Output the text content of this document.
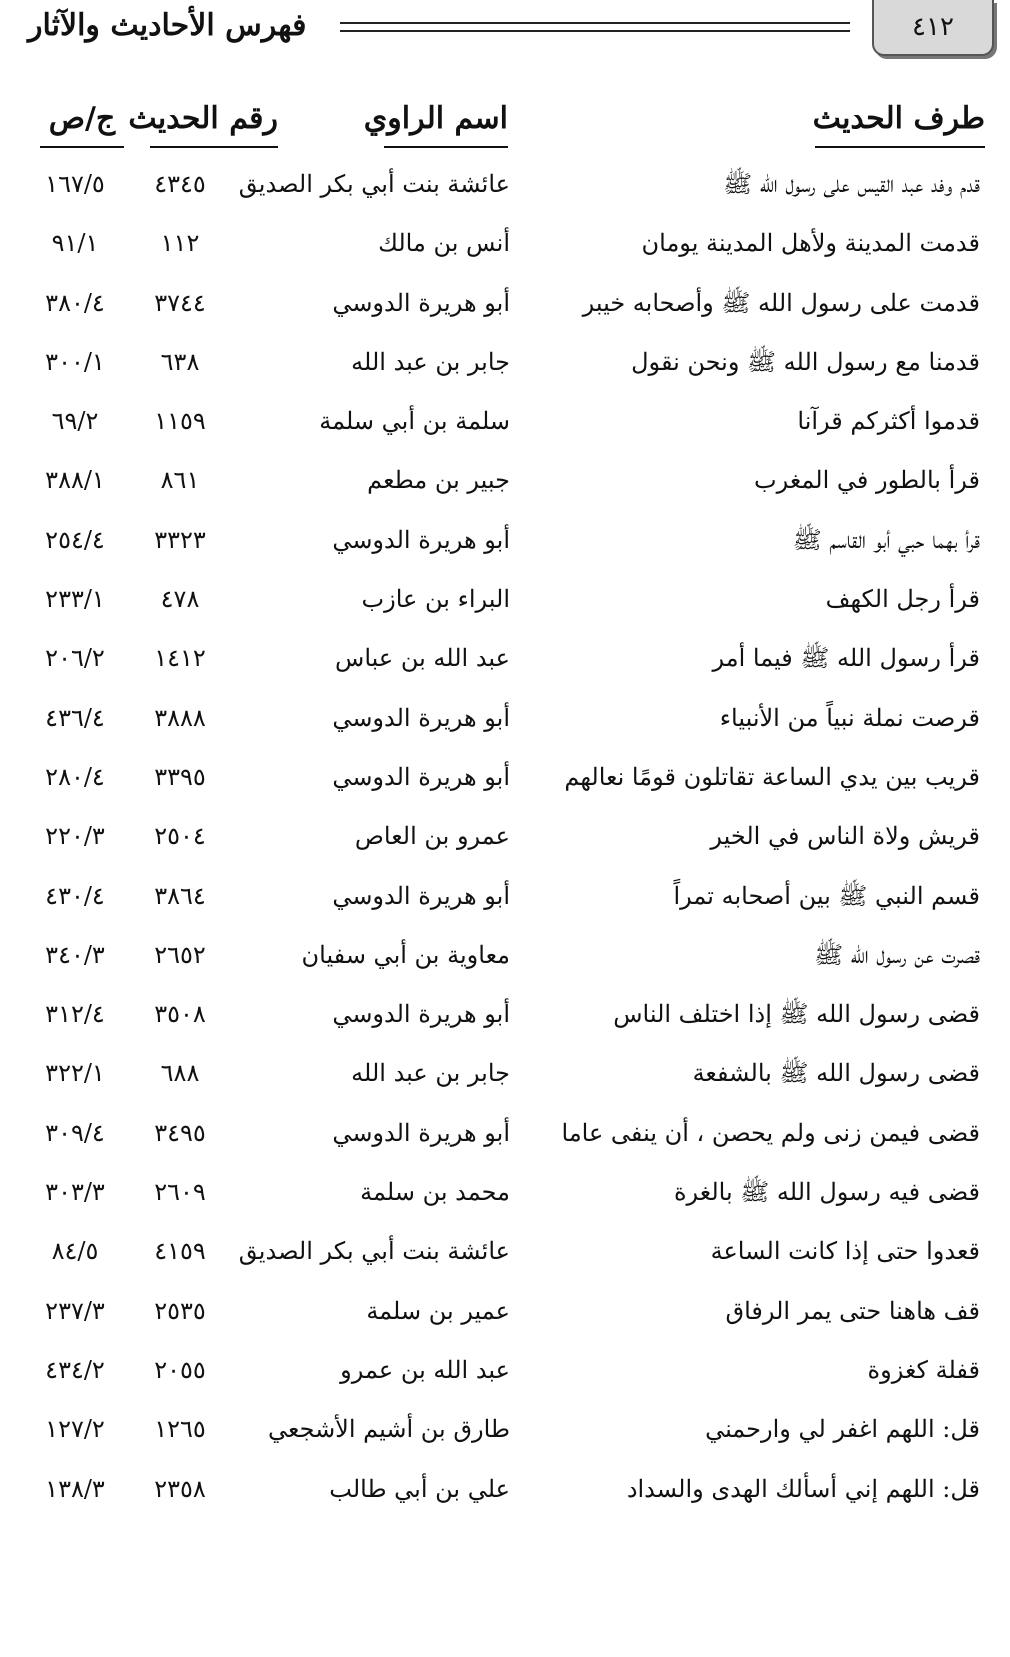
٤١٢
فهرس الأحاديث والآثار
طرف الحديث
اسم الراوي
رقم الحديث
ج/ص
قدم وفد عبد القيس على رسول الله ﷺ
عائشة بنت أبي بكر الصديق
٤٣٤٥
١٦٧/٥
قدمت المدينة ولأهل المدينة يومان
أنس بن مالك
١١٢
٩١/١
قدمت على رسول الله ﷺ وأصحابه خيبر
أبو هريرة الدوسي
٣٧٤٤
٣٨٠/٤
قدمنا مع رسول الله ﷺ ونحن نقول
جابر بن عبد الله
٦٣٨
٣٠٠/١
قدموا أكثركم قرآنا
سلمة بن أبي سلمة
١١٥٩
٦٩/٢
قرأ بالطور في المغرب
جبير بن مطعم
٨٦١
٣٨٨/١
قرأ بهما حبي أبو القاسم ﷺ
أبو هريرة الدوسي
٣٣٢٣
٢٥٤/٤
قرأ رجل الكهف
البراء بن عازب
٤٧٨
٢٣٣/١
قرأ رسول الله ﷺ فيما أمر
عبد الله بن عباس
١٤١٢
٢٠٦/٢
قرصت نملة نبياً من الأنبياء
أبو هريرة الدوسي
٣٨٨٨
٤٣٦/٤
قريب بين يدي الساعة تقاتلون قومًا نعالهم
أبو هريرة الدوسي
٣٣٩٥
٢٨٠/٤
قريش ولاة الناس في الخير
عمرو بن العاص
٢٥٠٤
٢٢٠/٣
قسم النبي ﷺ بين أصحابه تمراً
أبو هريرة الدوسي
٣٨٦٤
٤٣٠/٤
قصرت عن رسول الله ﷺ
معاوية بن أبي سفيان
٢٦٥٢
٣٤٠/٣
قضى رسول الله ﷺ إذا اختلف الناس
أبو هريرة الدوسي
٣٥٠٨
٣١٢/٤
قضى رسول الله ﷺ بالشفعة
جابر بن عبد الله
٦٨٨
٣٢٢/١
قضى فيمن زنى ولم يحصن ، أن ينفى عاما
أبو هريرة الدوسي
٣٤٩٥
٣٠٩/٤
قضى فيه رسول الله ﷺ بالغرة
محمد بن سلمة
٢٦٠٩
٣٠٣/٣
قعدوا حتى إذا كانت الساعة
عائشة بنت أبي بكر الصديق
٤١٥٩
٨٤/٥
قف هاهنا حتى يمر الرفاق
عمير بن سلمة
٢٥٣٥
٢٣٧/٣
قفلة كغزوة
عبد الله بن عمرو
٢٠٥٥
٤٣٤/٢
قل: اللهم اغفر لي وارحمني
طارق بن أشيم الأشجعي
١٢٦٥
١٢٧/٢
قل: اللهم إني أسألك الهدى والسداد
علي بن أبي طالب
٢٣٥٨
١٣٨/٣
